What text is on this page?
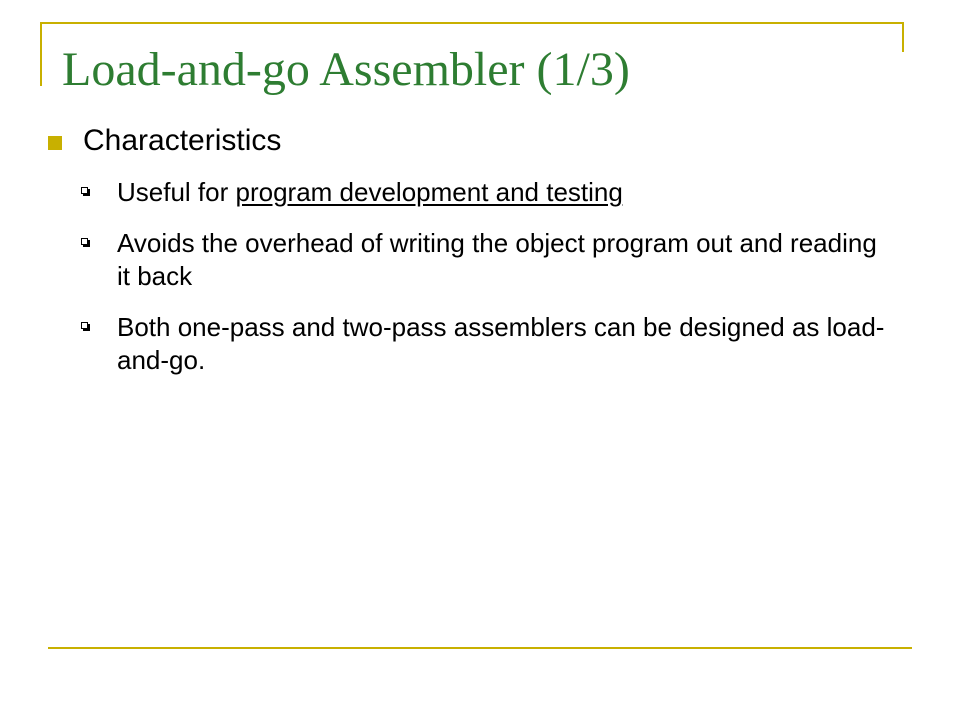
Load-and-go Assembler (1/3)
Characteristics
Useful for program development and testing
Avoids the overhead of writing the object program out and reading it back
Both one-pass and two-pass assemblers can be designed as load-and-go.
